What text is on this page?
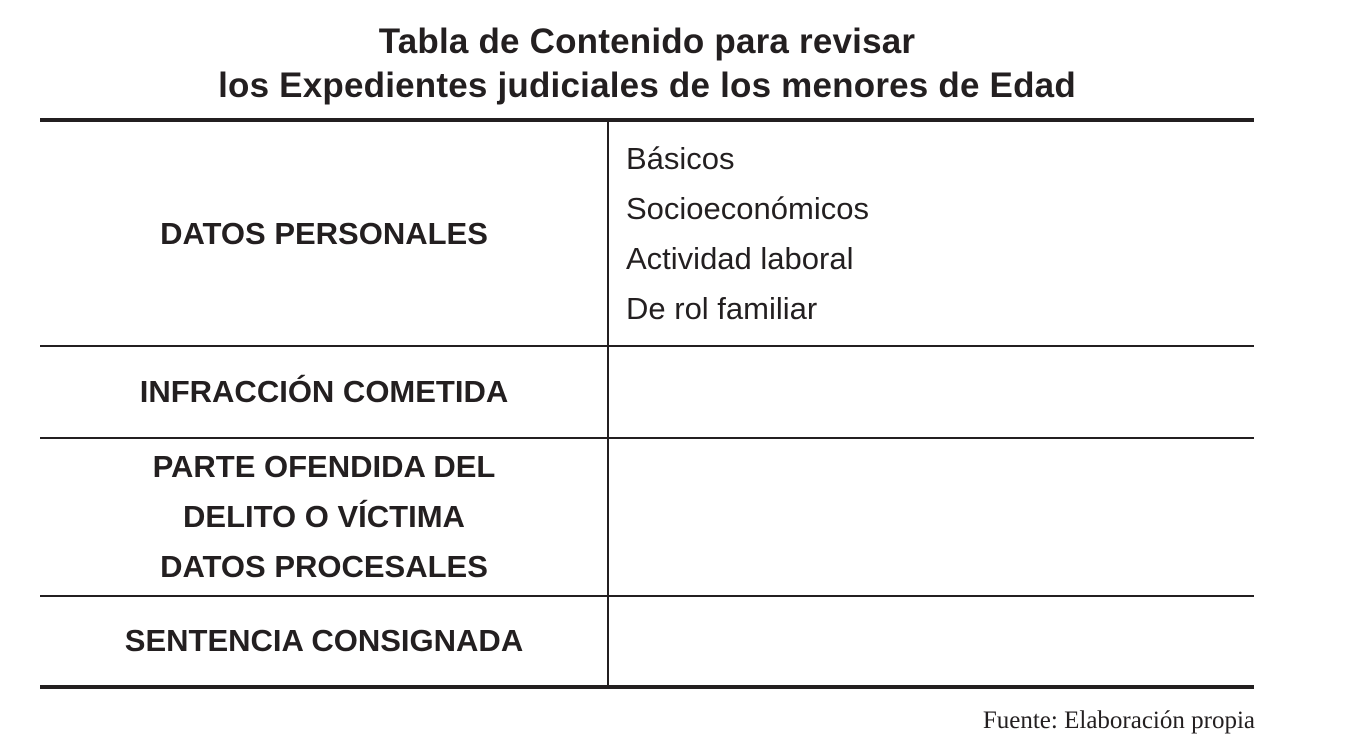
Tabla de Contenido para revisar
los Expedientes judiciales de los menores de Edad
DATOS PERSONALES
Básicos
Socioeconómicos
Actividad laboral
De rol familiar
INFRACCIÓN COMETIDA
PARTE OFENDIDA DEL
DELITO O VÍCTIMA
DATOS PROCESALES
SENTENCIA CONSIGNADA
Fuente: Elaboración propia
